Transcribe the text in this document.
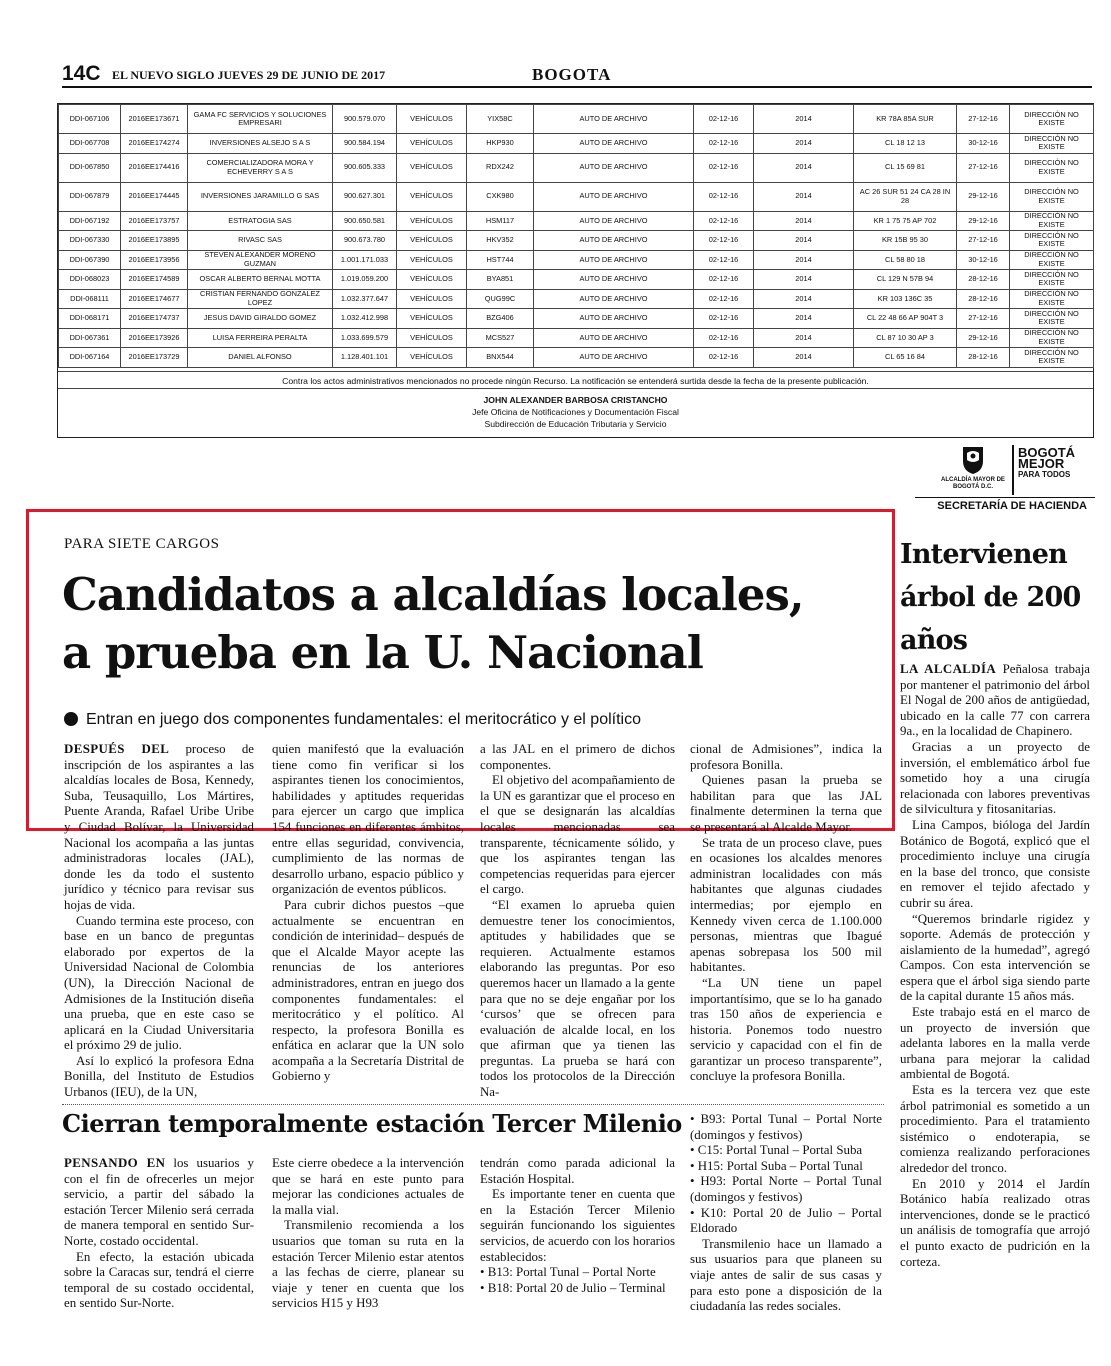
14C EL NUEVO SIGLO JUEVES 29 DE JUNIO DE 2017	BOGOTA
DDI-067106	2016EE173671	GAMA FC SERVICIOS Y SOLUCIONES EMPRESARI	900.579.070	VEHÍCULOS	YIX58C	AUTO DE ARCHIVO	02-12-16	2014	KR 78A 85A SUR	27-12-16	DIRECCIÓN NO EXISTE
DDI-067708	2016EE174274	INVERSIONES ALSEJO S A S	900.584.194	VEHÍCULOS	HKP930	AUTO DE ARCHIVO	02-12-16	2014	CL 18 12 13	30-12-16	DIRECCIÓN NO EXISTE
DDI-067850	2016EE174416	COMERCIALIZADORA MORA Y ECHEVERRY S A S	900.605.333	VEHÍCULOS	RDX242	AUTO DE ARCHIVO	02-12-16	2014	CL 15 69 81	27-12-16	DIRECCIÓN NO EXISTE
DDI-067879	2016EE174445	INVERSIONES JARAMILLO G SAS	900.627.301	VEHÍCULOS	CXK980	AUTO DE ARCHIVO	02-12-16	2014	AC 26 SUR 51 24 CA 28 IN 28	29-12-16	DIRECCIÓN NO EXISTE
DDI-067192	2016EE173757	ESTRATOGIA SAS	900.650.581	VEHÍCULOS	HSM117	AUTO DE ARCHIVO	02-12-16	2014	KR 1 75 75 AP 702	29-12-16	DIRECCIÓN NO EXISTE
DDI-067330	2016EE173895	RIVASC SAS	900.673.780	VEHÍCULOS	HKV352	AUTO DE ARCHIVO	02-12-16	2014	KR 15B 95 30	27-12-16	DIRECCIÓN NO EXISTE
DDI-067390	2016EE173956	STEVEN ALEXANDER MORENO GUZMAN	1.001.171.033	VEHÍCULOS	HST744	AUTO DE ARCHIVO	02-12-16	2014	CL 58 80 18	30-12-16	DIRECCIÓN NO EXISTE
DDI-068023	2016EE174589	OSCAR ALBERTO BERNAL MOTTA	1.019.059.200	VEHÍCULOS	BYA851	AUTO DE ARCHIVO	02-12-16	2014	CL 129 N 57B 94	28-12-16	DIRECCIÓN NO EXISTE
DDI-068111	2016EE174677	CRISTIAN FERNANDO GONZALEZ LOPEZ	1.032.377.647	VEHÍCULOS	QUG99C	AUTO DE ARCHIVO	02-12-16	2014	KR 103 136C 35	28-12-16	DIRECCIÓN NO EXISTE
DDI-068171	2016EE174737	JESUS DAVID GIRALDO GOMEZ	1.032.412.998	VEHÍCULOS	BZG406	AUTO DE ARCHIVO	02-12-16	2014	CL 22 48 66 AP 904T 3	27-12-16	DIRECCIÓN NO EXISTE
DDI-067361	2016EE173926	LUISA FERREIRA PERALTA	1.033.699.579	VEHÍCULOS	MCS527	AUTO DE ARCHIVO	02-12-16	2014	CL 87 10 30 AP 3	29-12-16	DIRECCIÓN NO EXISTE
DDI-067164	2016EE173729	DANIEL ALFONSO	1.128.401.101	VEHÍCULOS	BNX544	AUTO DE ARCHIVO	02-12-16	2014	CL 65 16 84	28-12-16	DIRECCIÓN NO EXISTE
Contra los actos administrativos mencionados no procede ningún Recurso. La notificación se entenderá surtida desde la fecha de la presente publicación.
JOHN ALEXANDER BARBOSA CRISTANCHO
Jefe Oficina de Notificaciones y Documentación Fiscal
Subdirección de Educación Tributaria y Servicio
ALCALDÍA MAYOR DE BOGOTÁ D.C.
BOGOTÁ
MEJOR
PARA TODOS
SECRETARÍA DE HACIENDA
PARA SIETE CARGOS
Candidatos a alcaldías locales,
a prueba en la U. Nacional
Entran en juego dos componentes fundamentales: el meritocrático y el político

DESPUÉS DEL proceso de inscripción de los aspirantes a las alcaldías locales de Bosa, Kennedy, Suba, Teusaquillo, Los Mártires, Puente Aranda, Rafael Uribe Uribe y Ciudad Bolívar, la Universidad Nacional los acompaña a las juntas administradoras locales (JAL), donde les da todo el sustento jurídico y técnico para revisar sus hojas de vida.

Cuando termina este proceso, con base en un banco de preguntas elaborado por expertos de la Universidad Nacional de Colombia (UN), la Dirección Nacional de Admisiones de la Institución diseña una prueba, que en este caso se aplicará en la Ciudad Universitaria el próximo 29 de julio.

Así lo explicó la profesora Edna Bonilla, del Instituto de Estudios Urbanos (IEU), de la UN,

quien manifestó que la evaluación tiene como fin verificar si los aspirantes tienen los conocimientos, habilidades y aptitudes requeridas para ejercer un cargo que implica 154 funciones en diferentes ámbitos, entre ellas seguridad, convivencia, cumplimiento de las normas de desarrollo urbano, espacio público y organización de eventos públicos.

Para cubrir dichos puestos –que actualmente se encuentran en condición de interinidad– después de que el Alcalde Mayor acepte las renuncias de los anteriores administradores, entran en juego dos componentes fundamentales: el meritocrático y el político. Al respecto, la profesora Bonilla es enfática en aclarar que la UN solo acompaña a la Secretaría Distrital de Gobierno y

a las JAL en el primero de dichos componentes.

El objetivo del acompañamiento de la UN es garantizar que el proceso en el que se designarán las alcaldías locales mencionadas sea transparente, técnicamente sólido, y que los aspirantes tengan las competencias requeridas para ejercer el cargo.

“El examen lo aprueba quien demuestre tener los conocimientos, aptitudes y habilidades que se requieren. Actualmente estamos elaborando las preguntas. Por eso queremos hacer un llamado a la gente para que no se deje engañar por los ‘cursos’ que se ofrecen para evaluación de alcalde local, en los que afirman que ya tienen las preguntas. La prueba se hará con todos los protocolos de la Dirección Na-

cional de Admisiones”, indica la profesora Bonilla.

Quienes pasan la prueba se habilitan para que las JAL finalmente determinen la terna que se presentará al Alcalde Mayor.

Se trata de un proceso clave, pues en ocasiones los alcaldes menores administran localidades con más habitantes que algunas ciudades intermedias; por ejemplo en Kennedy viven cerca de 1.100.000 personas, mientras que Ibagué apenas sobrepasa los 500 mil habitantes.

“La UN tiene un papel importantísimo, que se lo ha ganado tras 150 años de experiencia e historia. Ponemos todo nuestro servicio y capacidad con el fin de garantizar un proceso transparente”, concluye la profesora Bonilla.

Cierran temporalmente estación Tercer Milenio

PENSANDO EN los usuarios y con el fin de ofrecerles un mejor servicio, a partir del sábado la estación Tercer Milenio será cerrada de manera temporal en sentido Sur-Norte, costado occidental.

En efecto, la estación ubicada sobre la Caracas sur, tendrá el cierre temporal de su costado occidental, en sentido Sur-Norte.

Este cierre obedece a la intervención que se hará en este punto para mejorar las condiciones actuales de la malla vial.

Transmilenio recomienda a los usuarios que toman su ruta en la estación Tercer Milenio estar atentos a las fechas de cierre, planear su viaje y tener en cuenta que los servicios H15 y H93

tendrán como parada adicional la Estación Hospital.

Es importante tener en cuenta que en la Estación Tercer Milenio seguirán funcionando los siguientes servicios, de acuerdo con los horarios establecidos:

• B13: Portal Tunal – Portal Norte

• B18: Portal 20 de Julio – Terminal

• B93: Portal Tunal – Portal Norte (domingos y festivos)

• C15: Portal Tunal – Portal Suba

• H15: Portal Suba – Portal Tunal

• H93: Portal Norte – Portal Tunal (domingos y festivos)

• K10: Portal 20 de Julio – Portal Eldorado

Transmilenio hace un llamado a sus usuarios para que planeen su viaje antes de salir de sus casas y para esto pone a disposición de la ciudadanía las redes sociales.

Intervienen árbol de 200 años

LA ALCALDÍA Peñalosa trabaja por mantener el patrimonio del árbol El Nogal de 200 años de antigüedad, ubicado en la calle 77 con carrera 9a., en la localidad de Chapinero.

Gracias a un proyecto de inversión, el emblemático árbol fue sometido hoy a una cirugía relacionada con labores preventivas de silvicultura y fitosanitarias.

Lina Campos, bióloga del Jardín Botánico de Bogotá, explicó que el procedimiento incluye una cirugía en la base del tronco, que consiste en remover el tejido afectado y cubrir su área.

“Queremos brindarle rigidez y soporte. Además de protección y aislamiento de la humedad”, agregó Campos. Con esta intervención se espera que el árbol siga siendo parte de la capital durante 15 años más.

Este trabajo está en el marco de un proyecto de inversión que adelanta labores en la malla verde urbana para mejorar la calidad ambiental de Bogotá.

Esta es la tercera vez que este árbol patrimonial es sometido a un procedimiento. Para el tratamiento sistémico o endoterapia, se comienza realizando perforaciones alrededor del tronco.

En 2010 y 2014 el Jardín Botánico había realizado otras intervenciones, donde se le practicó un análisis de tomografía que arrojó el punto exacto de pudrición en la corteza.
